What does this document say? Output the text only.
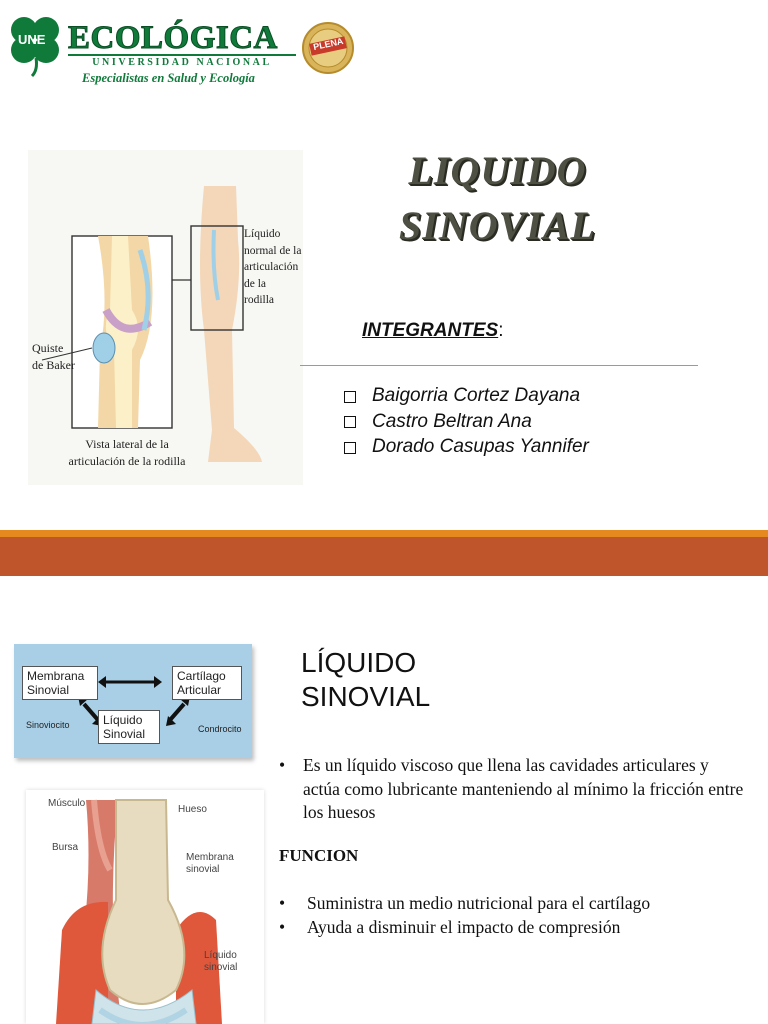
UNE	PLENA
ECOLÓGICA
UNIVERSIDAD NACIONAL
Especialistas en Salud y Ecología
Líquido
normal de la
articulación
de la
rodilla
Quiste
de Baker
Vista lateral de la
articulación de la rodilla
LIQUIDO
SINOVIAL
INTEGRANTES:
Baigorria Cortez Dayana
Castro Beltran Ana
Dorado Casupas Yannifer
Membrana
Sinovial
Cartílago
Articular
Líquido
Sinovial
Sinoviocito	Condrocito
Músculo
Hueso
Bursa
Membrana
sinovial
Líquido
sinovial
LÍQUIDO
SINOVIAL
•	Es un líquido viscoso que llena las cavidades articulares y actúa como lubricante manteniendo al mínimo la fricción entre los huesos
FUNCION
•	Suministra un medio nutricional para el cartílago
•	Ayuda a disminuir el impacto de compresión
